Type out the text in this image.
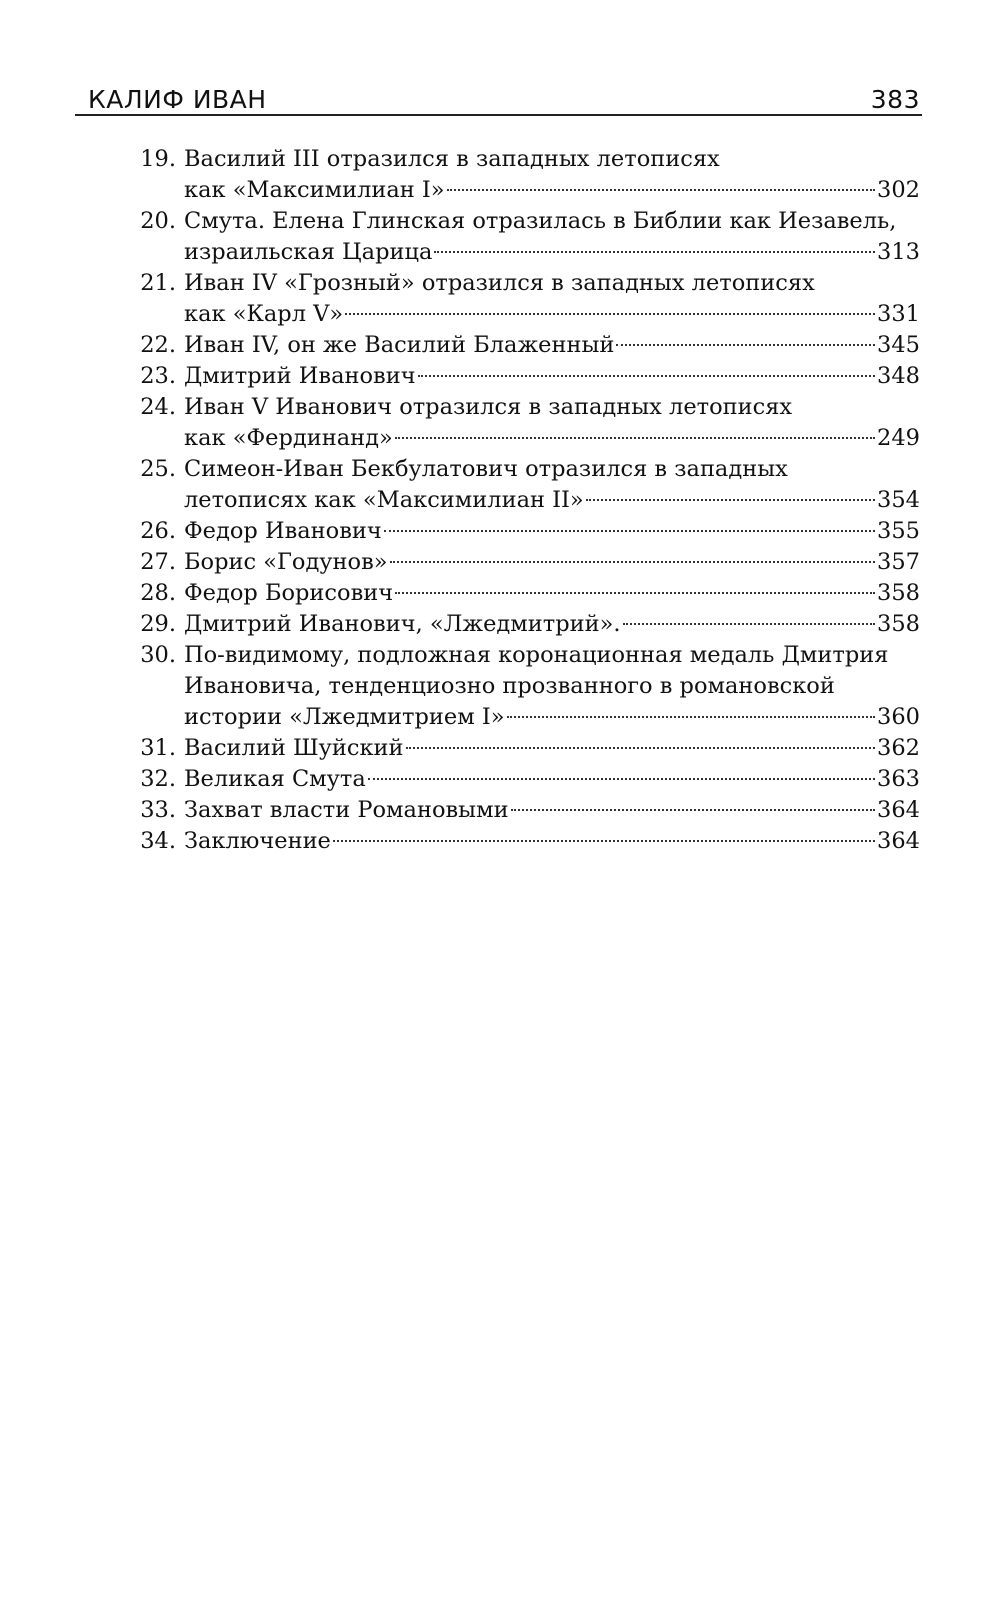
КАЛИФ ИВАН	383
19. Василий III отразился в западных летописях
как «Максимилиан I»	302
20. Смута. Елена Глинская отразилась в Библии как Иезавель,
израильская Царица	313
21. Иван IV «Грозный» отразился в западных летописях
как «Карл V»	331
22. Иван IV, он же Василий Блаженный	345
23. Дмитрий Иванович	348
24. Иван V Иванович отразился в западных летописях
как «Фердинанд»	249
25. Симеон-Иван Бекбулатович отразился в западных
летописях как «Максимилиан II»	354
26. Федор Иванович	355
27. Борис «Годунов»	357
28. Федор Борисович	358
29. Дмитрий Иванович, «Лжедмитрий».	358
30. По-видимому, подложная коронационная медаль Дмитрия
Ивановича, тенденциозно прозванного в романовской
истории «Лжедмитрием I»	360
31. Василий Шуйский	362
32. Великая Смута	363
33. Захват власти Романовыми	364
34. Заключение	364
